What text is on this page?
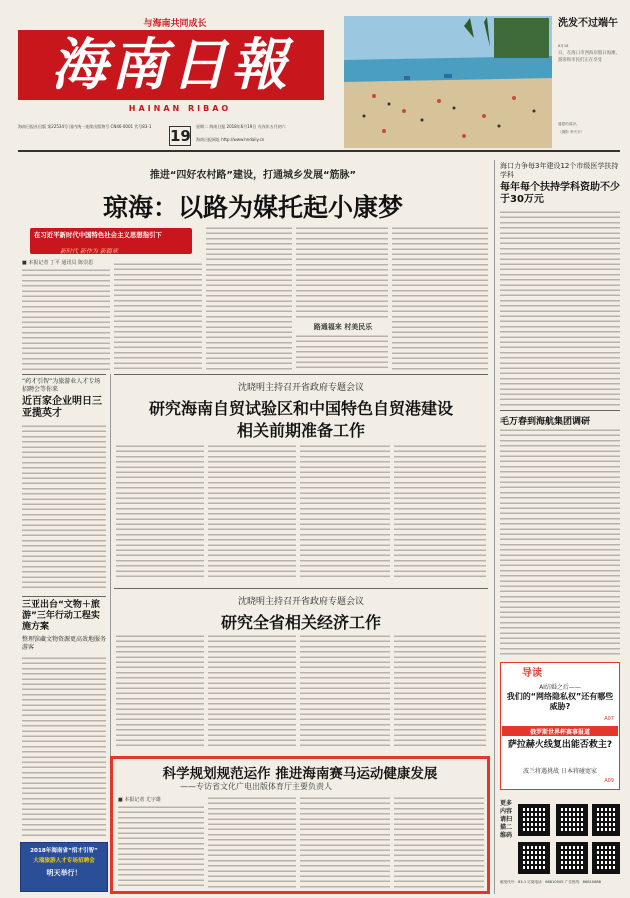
与海南共同成长
海南日報
HAINAN RIBAO
海南日报社出版 第22534号 国内统一连续出版物号 CN46-0001 代号83-1
19
星期二 海南日报 2018年6月19日 戊戌年五月初六
海南日报网址 http://www.hndaily.cn
洗发不过端午
6月18
日，在海口市西海岸假日海滩，游客和市民们正在享受
盛夏的清凉。
（摄影 李天平）
推进“四好农村路”建设，打通城乡发展“筋脉”
琼海：以路为媒托起小康梦
在习近平新时代中国特色社会主义思想指引下
新时代 新作为 新篇章
■ 本报记者 丁平 通讯员 陈崇思
路通福来 村美民乐
“药才引智”为旅游业人才专场招聘会等你来
近百家企业明日三亚揽英才
三亚出台“文物＋旅游”三年行动工程实施方案
整理馆藏文物资源更高效地服务游客
2018年海南省“招才引智”
大瑞旅游人才专场招聘会
明天举行！
沈晓明主持召开省政府专题会议
研究海南自贸试验区和中国特色自贸港建设
相关前期准备工作
沈晓明主持召开省政府专题会议
研究全省相关经济工作
科学规划规范运作 推进海南赛马运动健康发展
——专访省文化广电出版体育厅主要负责人
■ 本报记者 尤宇雄
海口力争每3年建设12个市级医学扶持学科
每年每个扶持学科资助不少于30万元
毛万春到海航集团调研
导读
AI结婚之后——
我们的“网络隐私权”还有哪些威胁?
A07
俄罗斯世界杯赛事报道
萨拉赫火线复出能否救主?
波兰将遇挑战 日本将碰宽家
A09
更多内容请扫描二维码
邮发代号：83-1 订阅电话：66810505 广告热线：66810888
